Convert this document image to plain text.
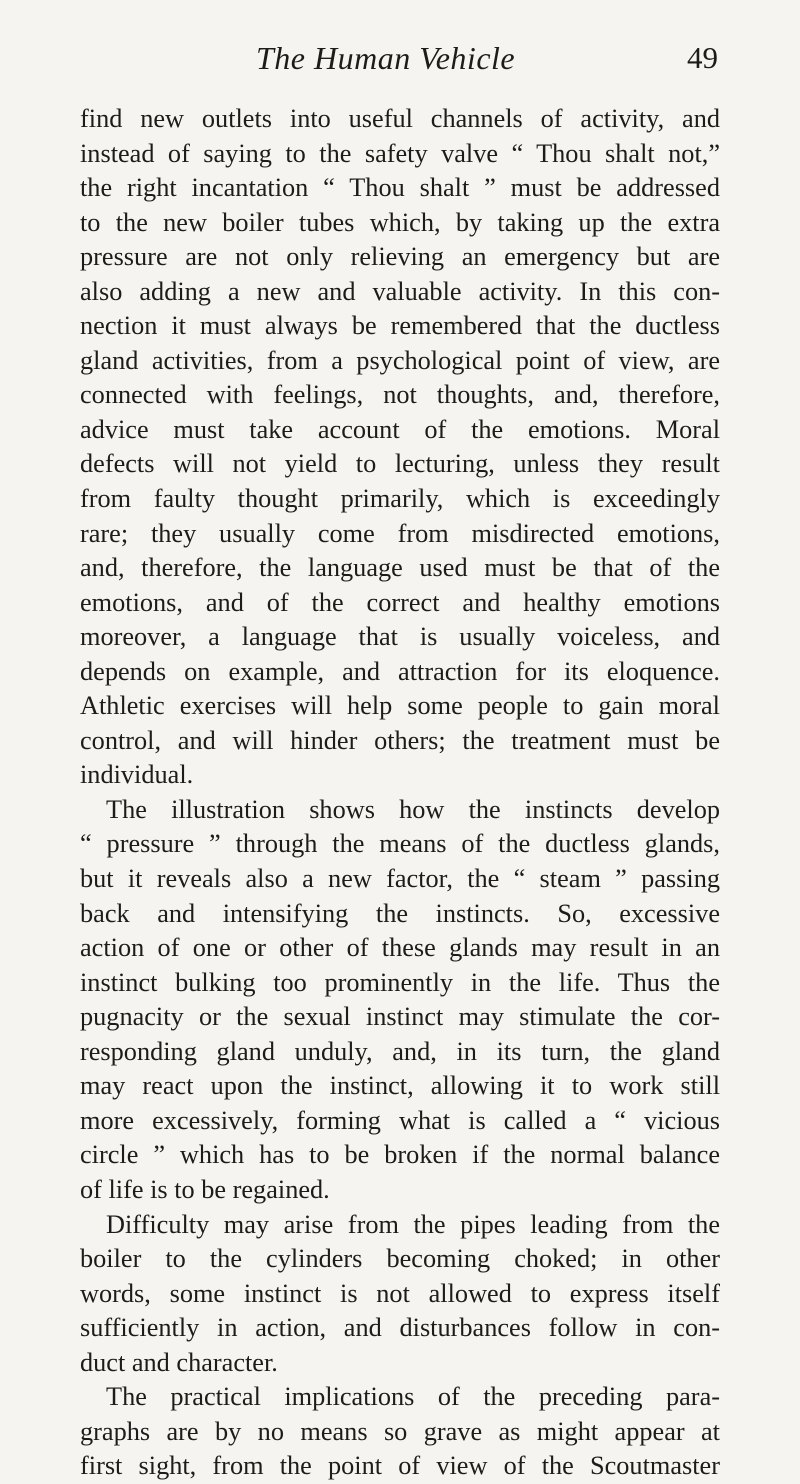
The Human Vehicle	49
find new outlets into useful channels of activity, and
instead of saying to the safety valve “ Thou shalt not,”
the right incantation “ Thou shalt ” must be addressed
to the new boiler tubes which, by taking up the extra
pressure are not only relieving an emergency but are
also adding a new and valuable activity. In this con-
nection it must always be remembered that the ductless
gland activities, from a psychological point of view, are
connected with feelings, not thoughts, and, therefore,
advice must take account of the emotions. Moral
defects will not yield to lecturing, unless they result
from faulty thought primarily, which is exceedingly
rare; they usually come from misdirected emotions,
and, therefore, the language used must be that of the
emotions, and of the correct and healthy emotions
moreover, a language that is usually voiceless, and
depends on example, and attraction for its eloquence.
Athletic exercises will help some people to gain moral
control, and will hinder others; the treatment must be
individual.
The illustration shows how the instincts develop
“ pressure ” through the means of the ductless glands,
but it reveals also a new factor, the “ steam ” passing
back and intensifying the instincts. So, excessive
action of one or other of these glands may result in an
instinct bulking too prominently in the life. Thus the
pugnacity or the sexual instinct may stimulate the cor-
responding gland unduly, and, in its turn, the gland
may react upon the instinct, allowing it to work still
more excessively, forming what is called a “ vicious
circle ” which has to be broken if the normal balance
of life is to be regained.
Difficulty may arise from the pipes leading from the
boiler to the cylinders becoming choked; in other
words, some instinct is not allowed to express itself
sufficiently in action, and disturbances follow in con-
duct and character.
The practical implications of the preceding para-
graphs are by no means so grave as might appear at
first sight, from the point of view of the Scoutmaster
